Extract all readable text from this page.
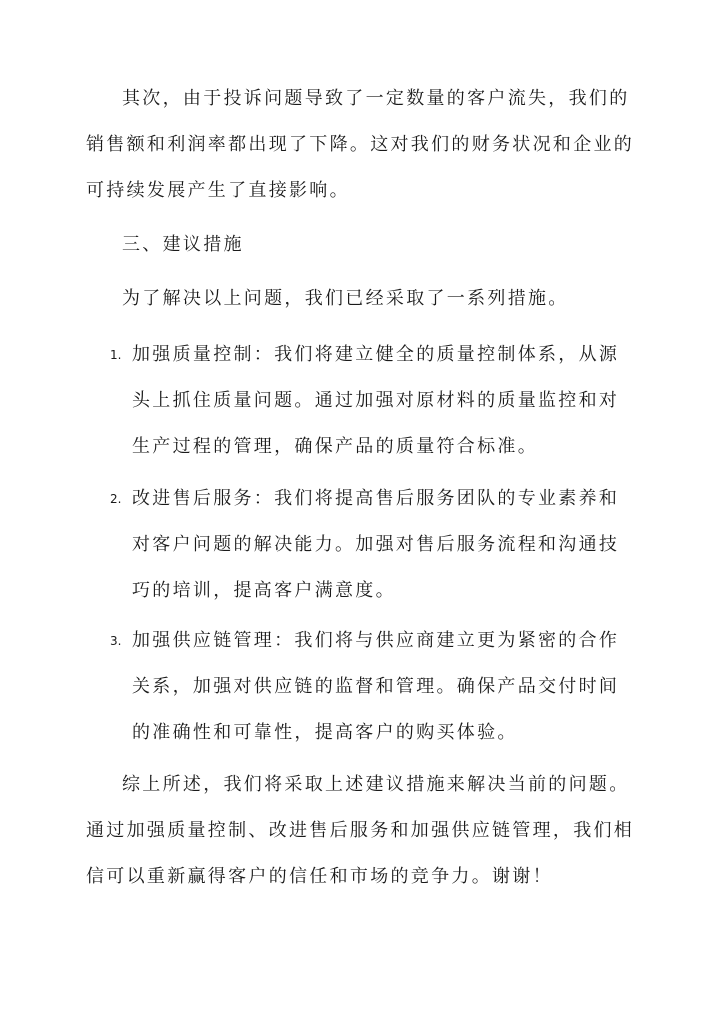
其次，由于投诉问题导致了一定数量的客户流失，我们的销售额和利润率都出现了下降。这对我们的财务状况和企业的可持续发展产生了直接影响。

三、建议措施

为了解决以上问题，我们已经采取了一系列措施。

1. 加强质量控制：我们将建立健全的质量控制体系，从源头上抓住质量问题。通过加强对原材料的质量监控和对生产过程的管理，确保产品的质量符合标准。

2. 改进售后服务：我们将提高售后服务团队的专业素养和对客户问题的解决能力。加强对售后服务流程和沟通技巧的培训，提高客户满意度。

3. 加强供应链管理：我们将与供应商建立更为紧密的合作关系，加强对供应链的监督和管理。确保产品交付时间的准确性和可靠性，提高客户的购买体验。

综上所述，我们将采取上述建议措施来解决当前的问题。通过加强质量控制、改进售后服务和加强供应链管理，我们相信可以重新赢得客户的信任和市场的竞争力。谢谢！
